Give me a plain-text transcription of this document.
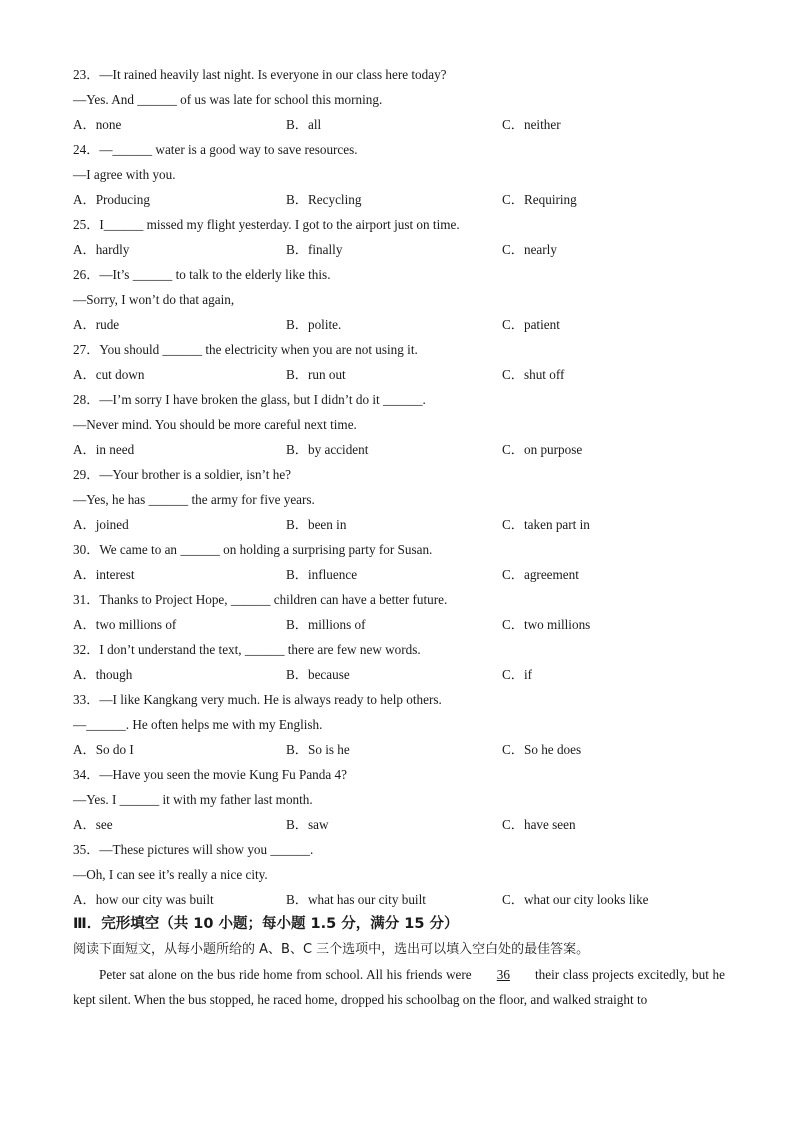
23．—It rained heavily last night. Is everyone in our class here today?
—Yes. And ______ of us was late for school this morning.
A．none	B．all	C．neither
24．—______ water is a good way to save resources.
—I agree with you.
A．Producing	B．Recycling	C．Requiring
25．I______ missed my flight yesterday. I got to the airport just on time.
A．hardly	B．finally	C．nearly
26．—It’s ______ to talk to the elderly like this.
—Sorry, I won’t do that again,
A．rude	B．polite.	C．patient
27．You should ______ the electricity when you are not using it.
A．cut down	B．run out	C．shut off
28．—I’m sorry I have broken the glass, but I didn’t do it ______.
—Never mind. You should be more careful next time.
A．in need	B．by accident	C．on purpose
29．—Your brother is a soldier, isn’t he?
—Yes, he has ______ the army for five years.
A．joined	B．been in	C．taken part in
30．We came to an ______ on holding a surprising party for Susan.
A．interest	B．influence	C．agreement
31．Thanks to Project Hope, ______ children can have a better future.
A．two millions of	B．millions of	C．two millions
32．I don’t understand the text, ______ there are few new words.
A．though	B．because	C．if
33．—I like Kangkang very much. He is always ready to help others.
—______. He often helps me with my English.
A．So do I	B．So is he	C．So he does
34．—Have you seen the movie Kung Fu Panda 4?
—Yes. I ______ it with my father last month.
A．see	B．saw	C．have seen
35．—These pictures will show you ______.
—Oh, I can see it’s really a nice city.
A．how our city was built	B．what has our city built	C．what our city looks like
Ⅲ．完形填空（共 10 小题；每小题 1.5 分，满分 15 分）
阅读下面短文，从每小题所给的 A、B、C 三个选项中，选出可以填入空白处的最佳答案。

Peter sat alone on the bus ride home from school. All his friends were 36 their class projects excitedly, but he kept silent. When the bus stopped, he raced home, dropped his schoolbag on the floor, and walked straight to
